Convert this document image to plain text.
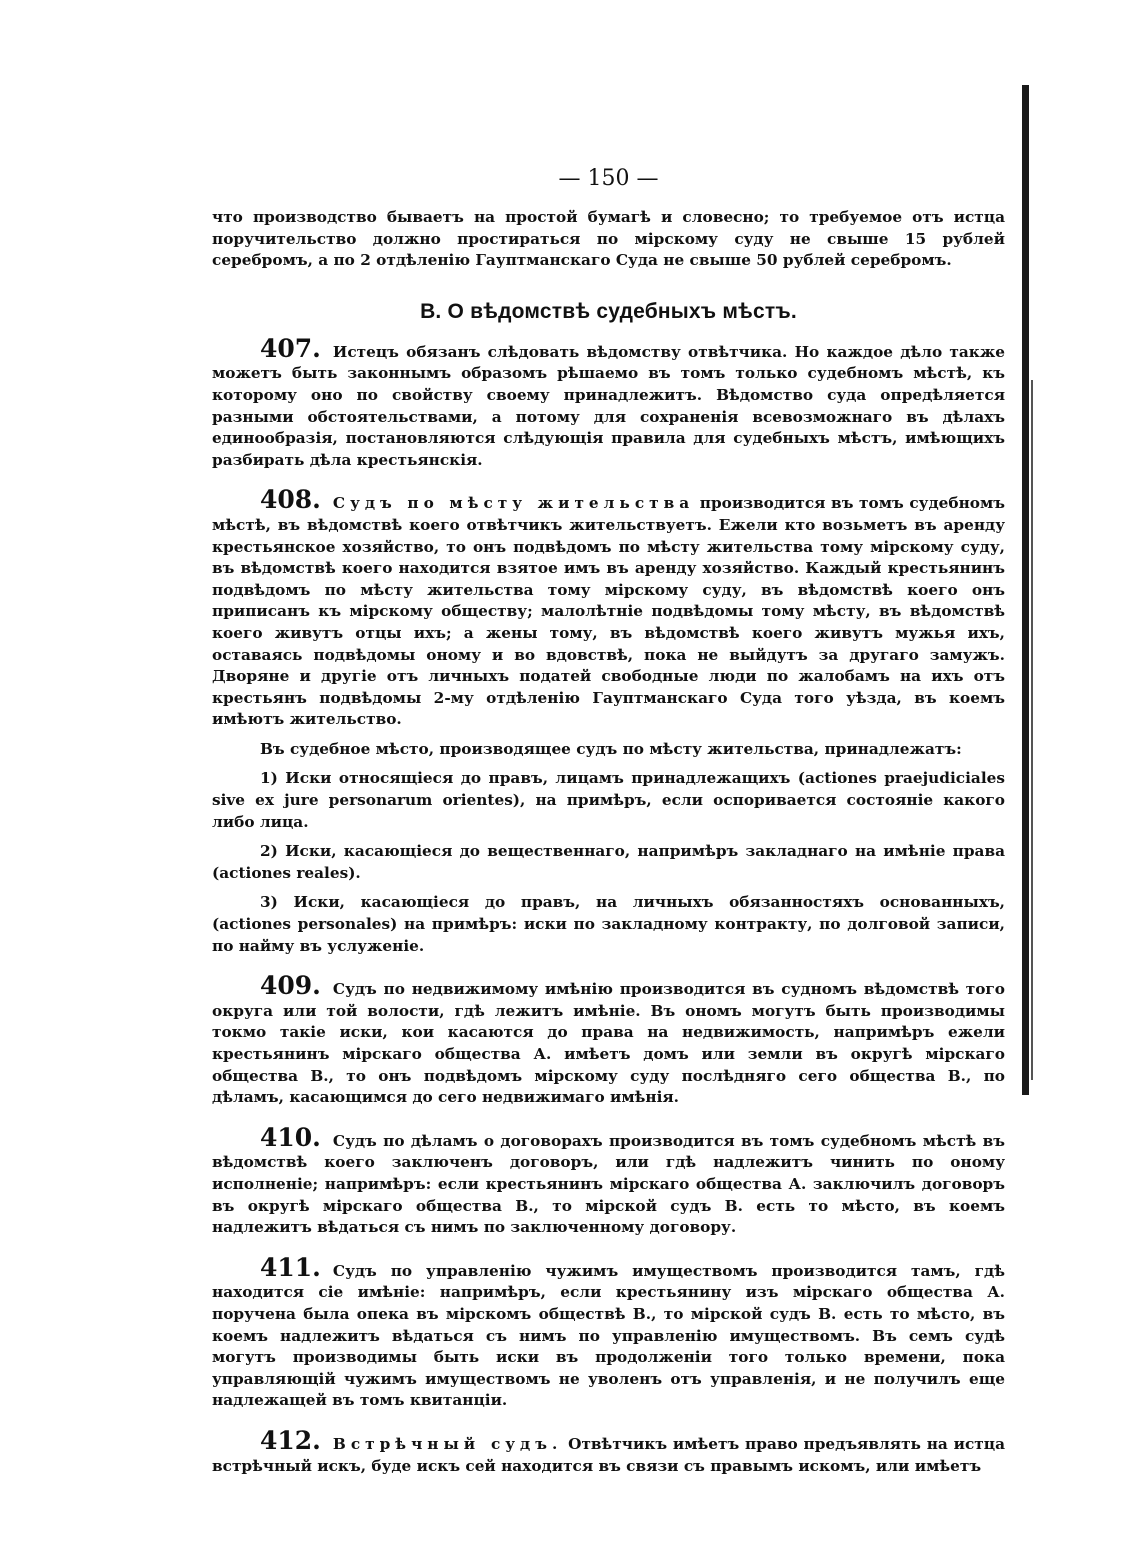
— 150 —

что производство бываетъ на простой бумагѣ и словесно; то требуемое отъ истца поручительство должно простираться по мірскому суду не свыше 15 рублей серебромъ, а по 2 отдѣленію Гауптманскаго Суда не свыше 50 рублей серебромъ.

В. О вѣдомствѣ судебныхъ мѣстъ.

407. Истецъ обязанъ слѣдовать вѣдомству отвѣтчика. Но каждое дѣло также можетъ быть законнымъ образомъ рѣшаемо въ томъ только судебномъ мѣстѣ, къ которому оно по свойству своему принадлежитъ. Вѣдомство суда опредѣляется разными обстоятельствами, а потому для сохраненія всевозможнаго въ дѣлахъ единообразія, постановляются слѣдующія правила для судебныхъ мѣстъ, имѣющихъ разбирать дѣла крестьянскія.

408. Судъ по мѣсту жительства производится въ томъ судебномъ мѣстѣ, въ вѣдомствѣ коего отвѣтчикъ жительствуетъ. Ежели кто возьметъ въ аренду крестьянское хозяйство, то онъ подвѣдомъ по мѣсту жительства тому мірскому суду, въ вѣдомствѣ коего находится взятое имъ въ аренду хозяйство. Каждый крестьянинъ подвѣдомъ по мѣсту жительства тому мірскому суду, въ вѣдомствѣ коего онъ приписанъ къ мірскому обществу; малолѣтніе подвѣдомы тому мѣсту, въ вѣдомствѣ коего живутъ отцы ихъ; а жены тому, въ вѣдомствѣ коего живутъ мужья ихъ, оставаясь подвѣдомы оному и во вдовствѣ, пока не выйдутъ за другаго замужъ. Дворяне и другіе отъ личныхъ податей свободные люди по жалобамъ на ихъ отъ крестьянъ подвѣдомы 2-му отдѣленію Гауптманскаго Суда того уѣзда, въ коемъ имѣютъ жительство.

Въ судебное мѣсто, производящее судъ по мѣсту жительства, принадлежатъ:

1) Иски относящіеся до правъ, лицамъ принадлежащихъ (actiones praejudiciales sive ex jure personarum orientes), на примѣръ, если оспоривается состояніе какого либо лица.

2) Иски, касающіеся до вещественнаго, напримѣръ закладнаго на имѣніе права (actiones reales).

3) Иски, касающіеся до правъ, на личныхъ обязанностяхъ основанныхъ, (actiones personales) на примѣръ: иски по закладному контракту, по долговой записи, по найму въ услуженіе.

409. Судъ по недвижимому имѣнію производится въ судномъ вѣдомствѣ того округа или той волости, гдѣ лежитъ имѣніе. Въ ономъ могутъ быть производимы токмо такіе иски, кои касаются до права на недвижимость, напримѣръ ежели крестьянинъ мірскаго общества А. имѣетъ домъ или земли въ округѣ мірскаго общества В., то онъ подвѣдомъ мірскому суду послѣдняго сего общества В., по дѣламъ, касающимся до сего недвижимаго имѣнія.

410. Судъ по дѣламъ о договорахъ производится въ томъ судебномъ мѣстѣ въ вѣдомствѣ коего заключенъ договоръ, или гдѣ надлежитъ чинить по оному исполненіе; напримѣръ: если крестьянинъ мірскаго общества А. заключилъ договоръ въ округѣ мірскаго общества В., то мірской судъ В. есть то мѣсто, въ коемъ надлежитъ вѣдаться съ нимъ по заключенному договору.

411. Судъ по управленію чужимъ имуществомъ производится тамъ, гдѣ находится сіе имѣніе: напримѣръ, если крестьянину изъ мірскаго общества А. поручена была опека въ мірскомъ обществѣ В., то мірской судъ В. есть то мѣсто, въ коемъ надлежитъ вѣдаться съ нимъ по управленію имуществомъ. Въ семъ судѣ могутъ производимы быть иски въ продолженіи того только времени, пока управляющій чужимъ имуществомъ не уволенъ отъ управленія, и не получилъ еще надлежащей въ томъ квитанціи.

412. Встрѣчный судъ. Отвѣтчикъ имѣетъ право предъявлять на истца встрѣчный искъ, буде искъ сей находится въ связи съ правымъ искомъ, или имѣетъ
